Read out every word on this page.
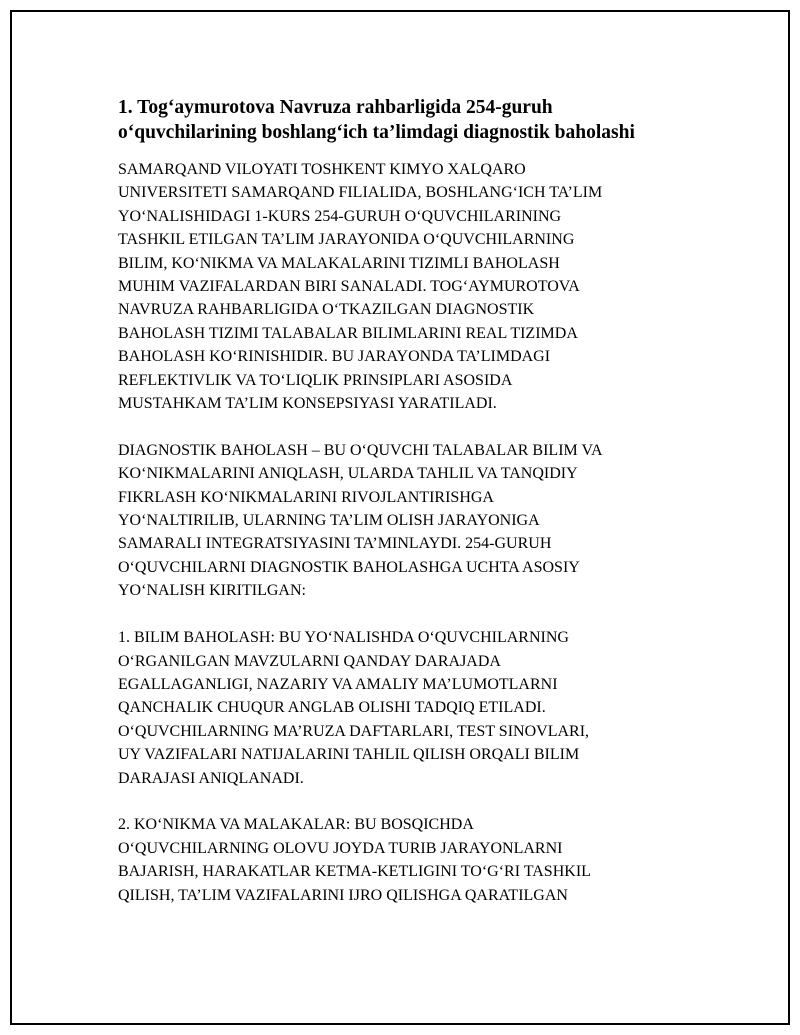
1. Tog‘aymurotova Navruza rahbarligida 254-guruh
o‘quvchilarining boshlang‘ich ta’limdagi diagnostik baholashi

SAMARQAND VILOYATI TOSHKENT KIMYO XALQARO
UNIVERSITETI SAMARQAND FILIALIDA, BOSHLANG‘ICH TA’LIM
YO‘NALISHIDAGI 1-KURS 254-GURUH O‘QUVCHILARINING
TASHKIL ETILGAN TA’LIM JARAYONIDA O‘QUVCHILARNING
BILIM, KO‘NIKMA VA MALAKALARINI TIZIMLI BAHOLASH
MUHIM VAZIFALARDAN BIRI SANALADI. TOG‘AYMUROTOVA
NAVRUZA RAHBARLIGIDA O‘TKAZILGAN DIAGNOSTIK
BAHOLASH TIZIMI TALABALAR BILIMLARINI REAL TIZIMDA
BAHOLASH KO‘RINISHIDIR. BU JARAYONDA TA’LIMDAGI
REFLEKTIVLIK VA TO‘LIQLIK PRINSIPLARI ASOSIDA
MUSTAHKAM TA’LIM KONSEPSIYASI YARATILADI.

DIAGNOSTIK BAHOLASH – BU O‘QUVCHI TALABALAR BILIM VA
KO‘NIKMALARINI ANIQLASH, ULARDA TAHLIL VA TANQIDIY
FIKRLASH KO‘NIKMALARINI RIVOJLANTIRISHGA
YO‘NALTIRILIB, ULARNING TA’LIM OLISH JARAYONIGA
SAMARALI INTEGRATSIYASINI TA’MINLAYDI. 254-GURUH
O‘QUVCHILARNI DIAGNOSTIK BAHOLASHGA UCHTA ASOSIY
YO‘NALISH KIRITILGAN:

1. BILIM BAHOLASH: BU YO‘NALISHDA O‘QUVCHILARNING
O‘RGANILGAN MAVZULARNI QANDAY DARAJADA
EGALLAGANLIGI, NAZARIY VA AMALIY MA’LUMOTLARNI
QANCHALIK CHUQUR ANGLAB OLISHI TADQIQ ETILADI.
O‘QUVCHILARNING MA’RUZA DAFTARLARI, TEST SINOVLARI,
UY VAZIFALARI NATIJALARINI TAHLIL QILISH ORQALI BILIM
DARAJASI ANIQLANADI.

2. KO‘NIKMA VA MALAKALAR: BU BOSQICHDA
O‘QUVCHILARNING OLOVU JOYDA TURIB JARAYONLARNI
BAJARISH, HARAKATLAR KETMA-KETLIGINI TO‘G‘RI TASHKIL
QILISH, TA’LIM VAZIFALARINI IJRO QILISHGA QARATILGAN
